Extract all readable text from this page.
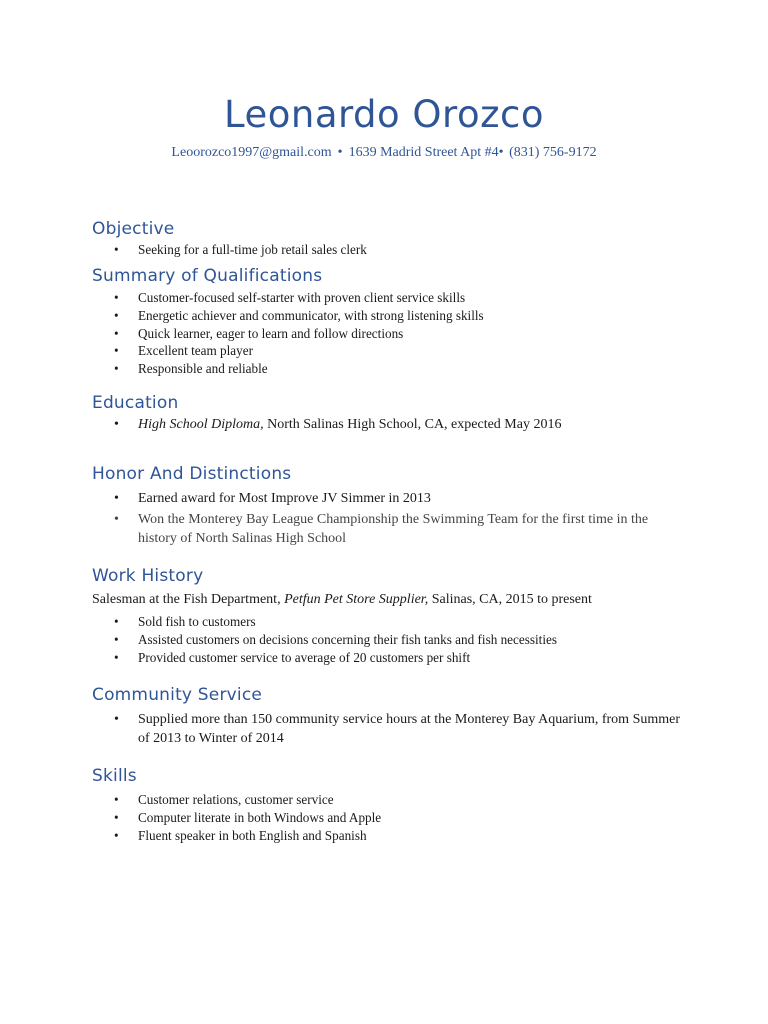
Leonardo Orozco
Leoorozco1997@gmail.com • 1639 Madrid Street Apt #4• (831) 756-9172
Objective
• Seeking for a full-time job retail sales clerk
Summary of Qualifications
• Customer-focused self-starter with proven client service skills
• Energetic achiever and communicator, with strong listening skills
• Quick learner, eager to learn and follow directions
• Excellent team player
• Responsible and reliable
Education
• High School Diploma, North Salinas High School, CA, expected May 2016
Honor And Distinctions
• Earned award for Most Improve JV Simmer in 2013
• Won the Monterey Bay League Championship the Swimming Team for the first time in the history of North Salinas High School
Work History

Salesman at the Fish Department, Petfun Pet Store Supplier, Salinas, CA, 2015 to present

• Sold fish to customers
• Assisted customers on decisions concerning their fish tanks and fish necessities
• Provided customer service to average of 20 customers per shift
Community Service
• Supplied more than 150 community service hours at the Monterey Bay Aquarium, from Summer of 2013 to Winter of 2014
Skills
• Customer relations, customer service
• Computer literate in both Windows and Apple
• Fluent speaker in both English and Spanish
